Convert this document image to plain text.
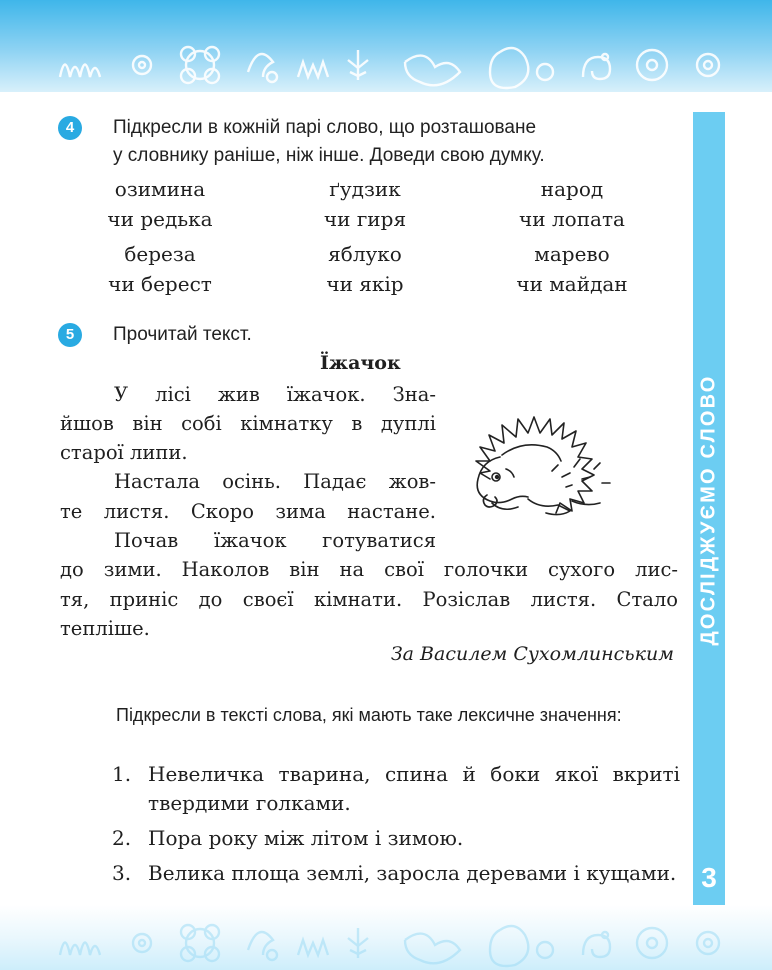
ДОСЛІДЖУЄМО СЛОВО
3
4	Підкресли в кожній парі слово, що розташоване
у словнику раніше, ніж інше. Доведи свою думку.
озимина
чи редька
ґудзик
чи гиря
народ
чи лопата
береза
чи берест
яблуко
чи якір
марево
чи майдан
5	Прочитай текст.
Їжачок
У лісі жив їжачок. Зна-
йшов він собі кімнатку в дуплі
старої липи.
Настала осінь. Падає жов-
те листя. Скоро зима настане.
Почав їжачок готуватися
до зими. Наколов він на свої голочки сухого лис-
тя, приніс до своєї кімнати. Розіслав листя. Стало
тепліше.
За Василем Сухомлинським
Підкресли в тексті слова, які мають таке лексичне значення:
1. Невеличка тварина, спина й боки якої вкриті твердими голками.
2. Пора року між літом і зимою.
3. Велика площа землі, заросла деревами і кущами.
